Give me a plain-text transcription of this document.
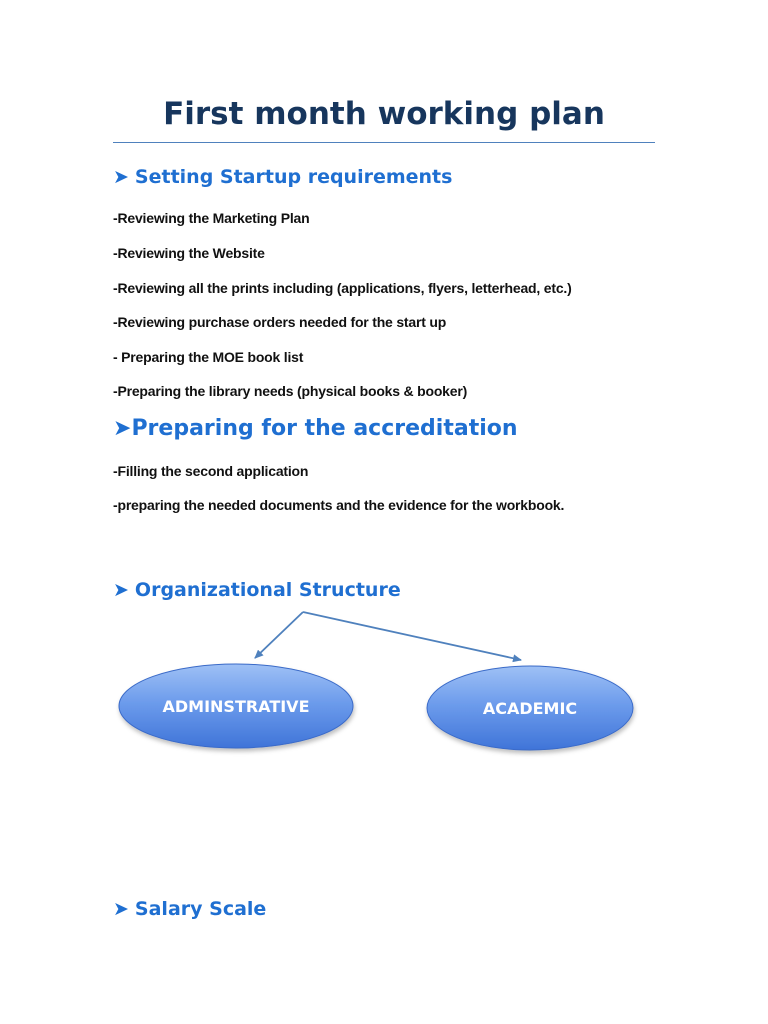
First month working plan
➤ Setting Startup requirements
-Reviewing the Marketing Plan
-Reviewing the Website
-Reviewing all the prints including (applications, flyers, letterhead, etc.)
-Reviewing purchase orders needed for the start up
- Preparing the MOE book list
-Preparing the library needs (physical books & booker)
➤Preparing for the accreditation
-Filling the second application
-preparing the needed documents and the evidence for the workbook.
➤ Organizational Structure
ADMINSTRATIVE	ACADEMIC
➤ Salary Scale
